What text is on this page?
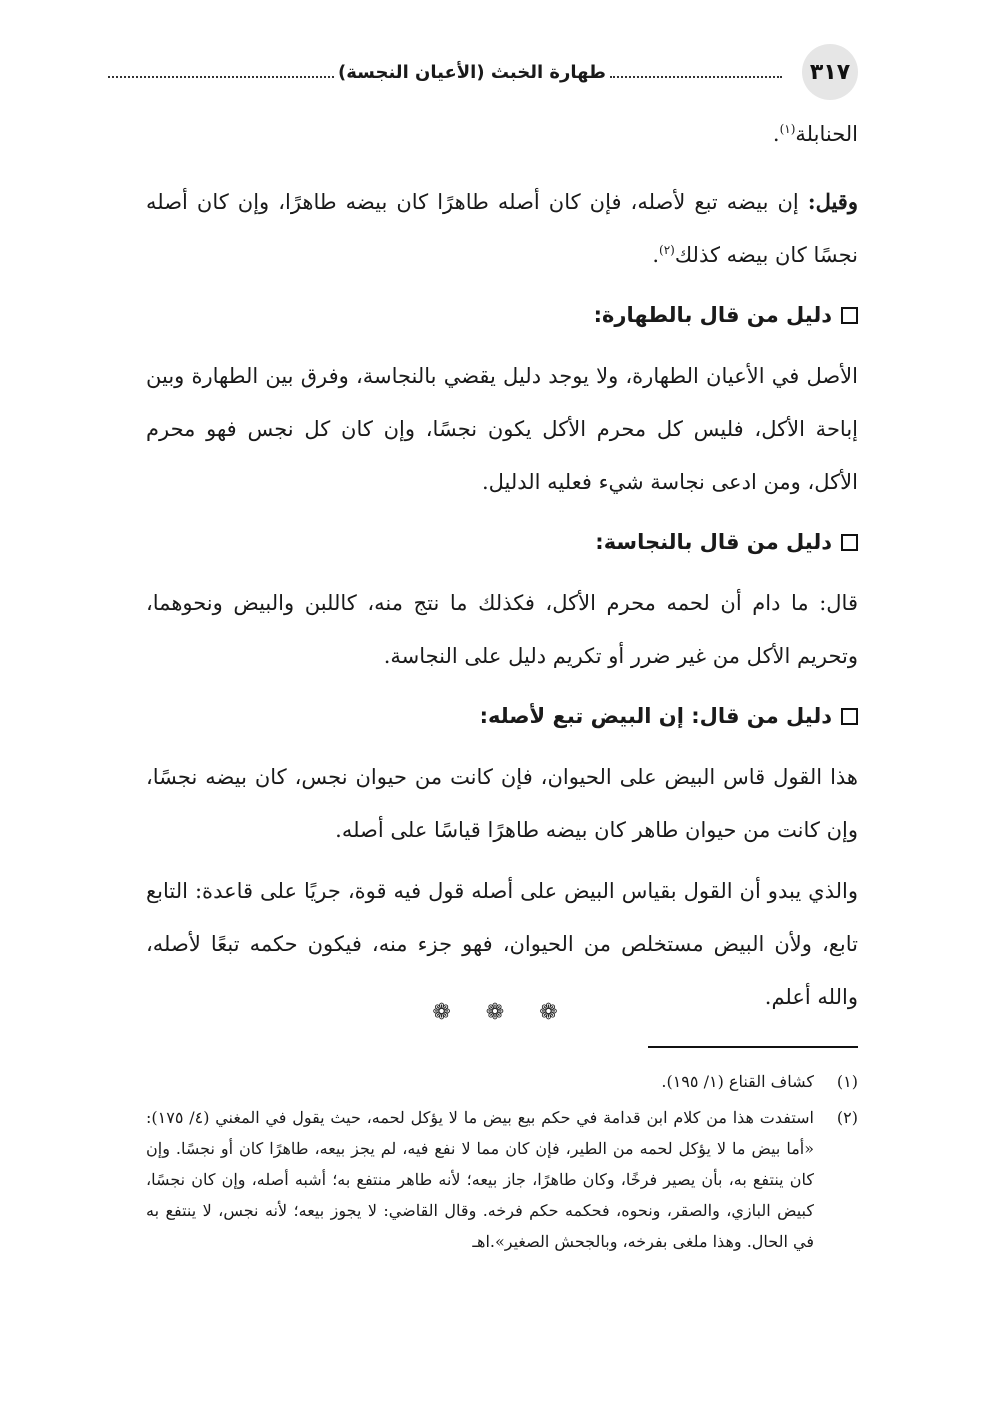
٣١٧
طهارة الخبث (الأعيان النجسة)

الحنابلة$^{(١)}$.

وقيل: إن بيضه تبع لأصله، فإن كان أصله طاهرًا كان بيضه طاهرًا، وإن كان أصله نجسًا كان بيضه كذلك$^{(٢)}$.

دليل من قال بالطهارة:

الأصل في الأعيان الطهارة، ولا يوجد دليل يقضي بالنجاسة، وفرق بين الطهارة وبين إباحة الأكل، فليس كل محرم الأكل يكون نجسًا، وإن كان كل نجس فهو محرم الأكل، ومن ادعى نجاسة شيء فعليه الدليل.

دليل من قال بالنجاسة:

قال: ما دام أن لحمه محرم الأكل، فكذلك ما نتج منه، كاللبن والبيض ونحوهما، وتحريم الأكل من غير ضرر أو تكريم دليل على النجاسة.

دليل من قال: إن البيض تبع لأصله:

هذا القول قاس البيض على الحيوان، فإن كانت من حيوان نجس، كان بيضه نجسًا، وإن كانت من حيوان طاهر كان بيضه طاهرًا قياسًا على أصله.

والذي يبدو أن القول بقياس البيض على أصله قول فيه قوة، جريًا على قاعدة: التابع تابع، ولأن البيض مستخلص من الحيوان، فهو جزء منه، فيكون حكمه تبعًا لأصله، والله أعلم.

❁ ❁ ❁
(١)
كشاف القناع (١/ ١٩٥).
(٢)
استفدت هذا من كلام ابن قدامة في حكم بيع بيض ما لا يؤكل لحمه، حيث يقول في المغني (٤/ ١٧٥): «أما بيض ما لا يؤكل لحمه من الطير، فإن كان مما لا نفع فيه، لم يجز بيعه، طاهرًا كان أو نجسًا. وإن كان ينتفع به، بأن يصير فرخًا، وكان طاهرًا، جاز بيعه؛ لأنه طاهر منتفع به؛ أشبه أصله، وإن كان نجسًا، كبيض البازي، والصقر، ونحوه، فحكمه حكم فرخه. وقال القاضي: لا يجوز بيعه؛ لأنه نجس، لا ينتفع به في الحال. وهذا ملغى بفرخه، وبالجحش الصغير».اهـ
